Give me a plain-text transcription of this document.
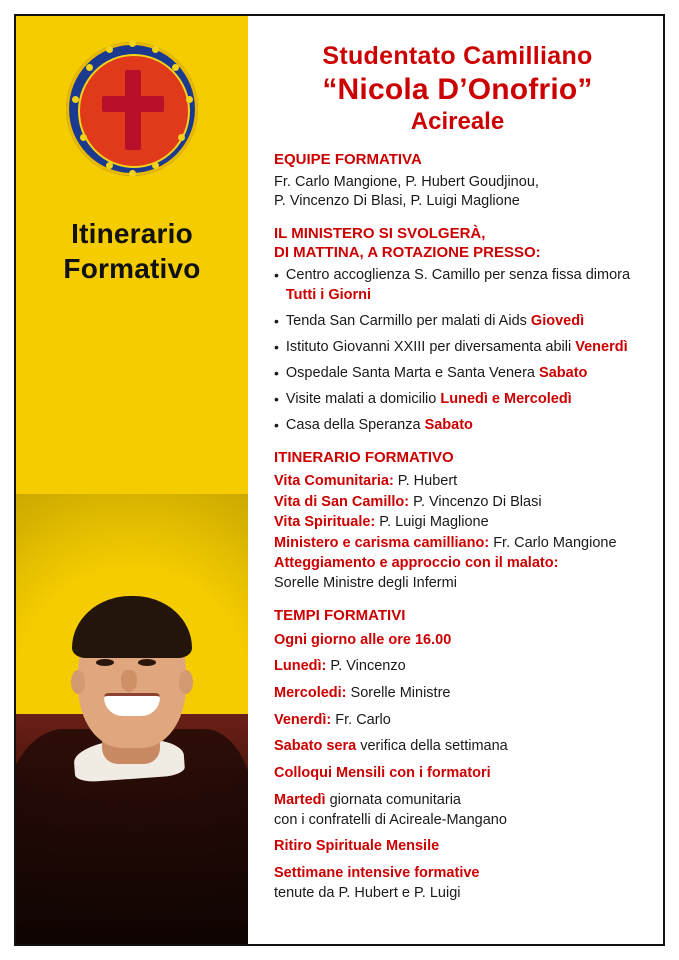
Itinerario
Formativo
Studentato Camilliano
“Nicola D’Onofrio”
Acireale
EQUIPE FORMATIVA
Fr. Carlo Mangione, P. Hubert Goudjinou,
P. Vincenzo Di Blasi, P. Luigi Maglione
IL MINISTERO SI SVOLGERÀ,
DI MATTINA, A ROTAZIONE PRESSO:
• Centro accoglienza S. Camillo per senza fissa dimora
Tutti i Giorni
• Tenda San Carmillo per malati di Aids Giovedì
• Istituto Giovanni XXIII per diversamenta abili Venerdì
• Ospedale Santa Marta e Santa Venera Sabato
• Visite malati a domicilio Lunedì e Mercoledì
• Casa della Speranza Sabato
ITINERARIO FORMATIVO
Vita Comunitaria: P. Hubert
Vita di San Camillo: P. Vincenzo Di Blasi
Vita Spirituale: P. Luigi Maglione
Ministero e carisma camilliano: Fr. Carlo Mangione
Atteggiamento e approccio con il malato:
Sorelle Ministre degli Infermi
TEMPI FORMATIVI
Ogni giorno alle ore 16.00
Lunedì: P. Vincenzo
Mercoledi: Sorelle Ministre
Venerdì: Fr. Carlo
Sabato sera verifica della settimana
Colloqui Mensili con i formatori
Martedì giornata comunitaria
con i confratelli di Acireale-Mangano
Ritiro Spirituale Mensile
Settimane intensive formative
tenute da P. Hubert e P. Luigi
